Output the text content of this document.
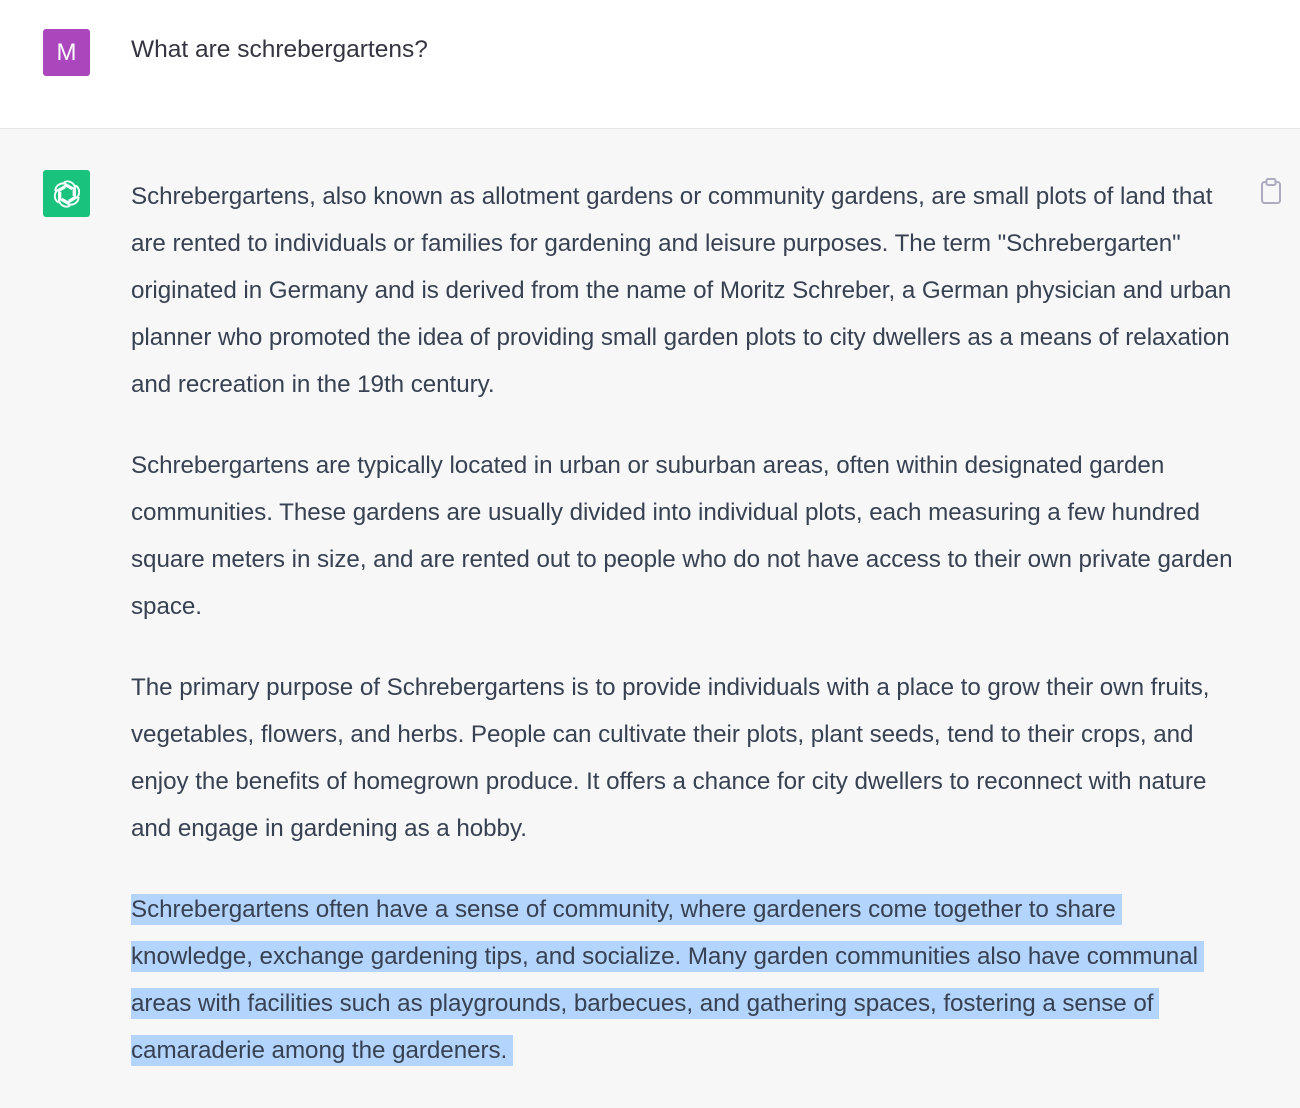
M	What are schrebergartens?

Schrebergartens, also known as allotment gardens or community gardens, are small plots of land that are rented to individuals or families for gardening and leisure purposes. The term "Schrebergarten" originated in Germany and is derived from the name of Moritz Schreber, a German physician and urban planner who promoted the idea of providing small garden plots to city dwellers as a means of relaxation and recreation in the 19th century.

Schrebergartens are typically located in urban or suburban areas, often within designated garden communities. These gardens are usually divided into individual plots, each measuring a few hundred square meters in size, and are rented out to people who do not have access to their own private garden space.

The primary purpose of Schrebergartens is to provide individuals with a place to grow their own fruits, vegetables, flowers, and herbs. People can cultivate their plots, plant seeds, tend to their crops, and enjoy the benefits of homegrown produce. It offers a chance for city dwellers to reconnect with nature and engage in gardening as a hobby.

Schrebergartens often have a sense of community, where gardeners come together to share knowledge, exchange gardening tips, and socialize. Many garden communities also have communal areas with facilities such as playgrounds, barbecues, and gathering spaces, fostering a sense of camaraderie among the gardeners.
